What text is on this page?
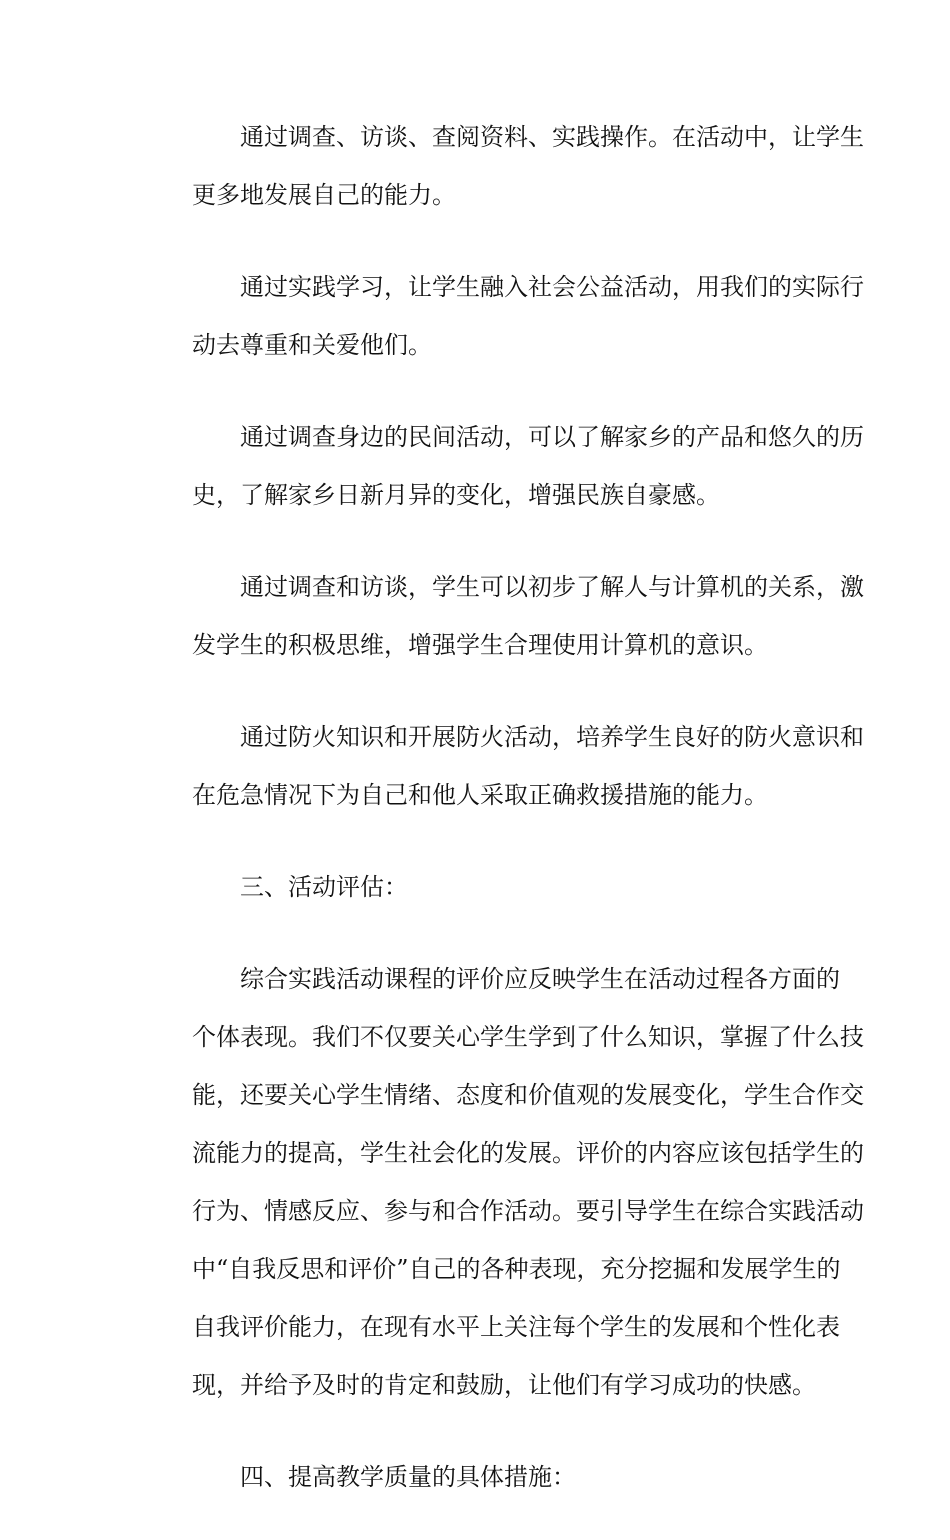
通过调查、访谈、查阅资料、实践操作。在活动中，让学生
更多地发展自己的能力。
通过实践学习，让学生融入社会公益活动，用我们的实际行
动去尊重和关爱他们。
通过调查身边的民间活动，可以了解家乡的产品和悠久的历
史，了解家乡日新月异的变化，增强民族自豪感。
通过调查和访谈，学生可以初步了解人与计算机的关系，激
发学生的积极思维，增强学生合理使用计算机的意识。
通过防火知识和开展防火活动，培养学生良好的防火意识和
在危急情况下为自己和他人采取正确救援措施的能力。
三、活动评估：
综合实践活动课程的评价应反映学生在活动过程各方面的
个体表现。我们不仅要关心学生学到了什么知识，掌握了什么技
能，还要关心学生情绪、态度和价值观的发展变化，学生合作交
流能力的提高，学生社会化的发展。评价的内容应该包括学生的
行为、情感反应、参与和合作活动。要引导学生在综合实践活动
中“自我反思和评价”自己的各种表现，充分挖掘和发展学生的
自我评价能力，在现有水平上关注每个学生的发展和个性化表
现，并给予及时的肯定和鼓励，让他们有学习成功的快感。
四、提高教学质量的具体措施：
